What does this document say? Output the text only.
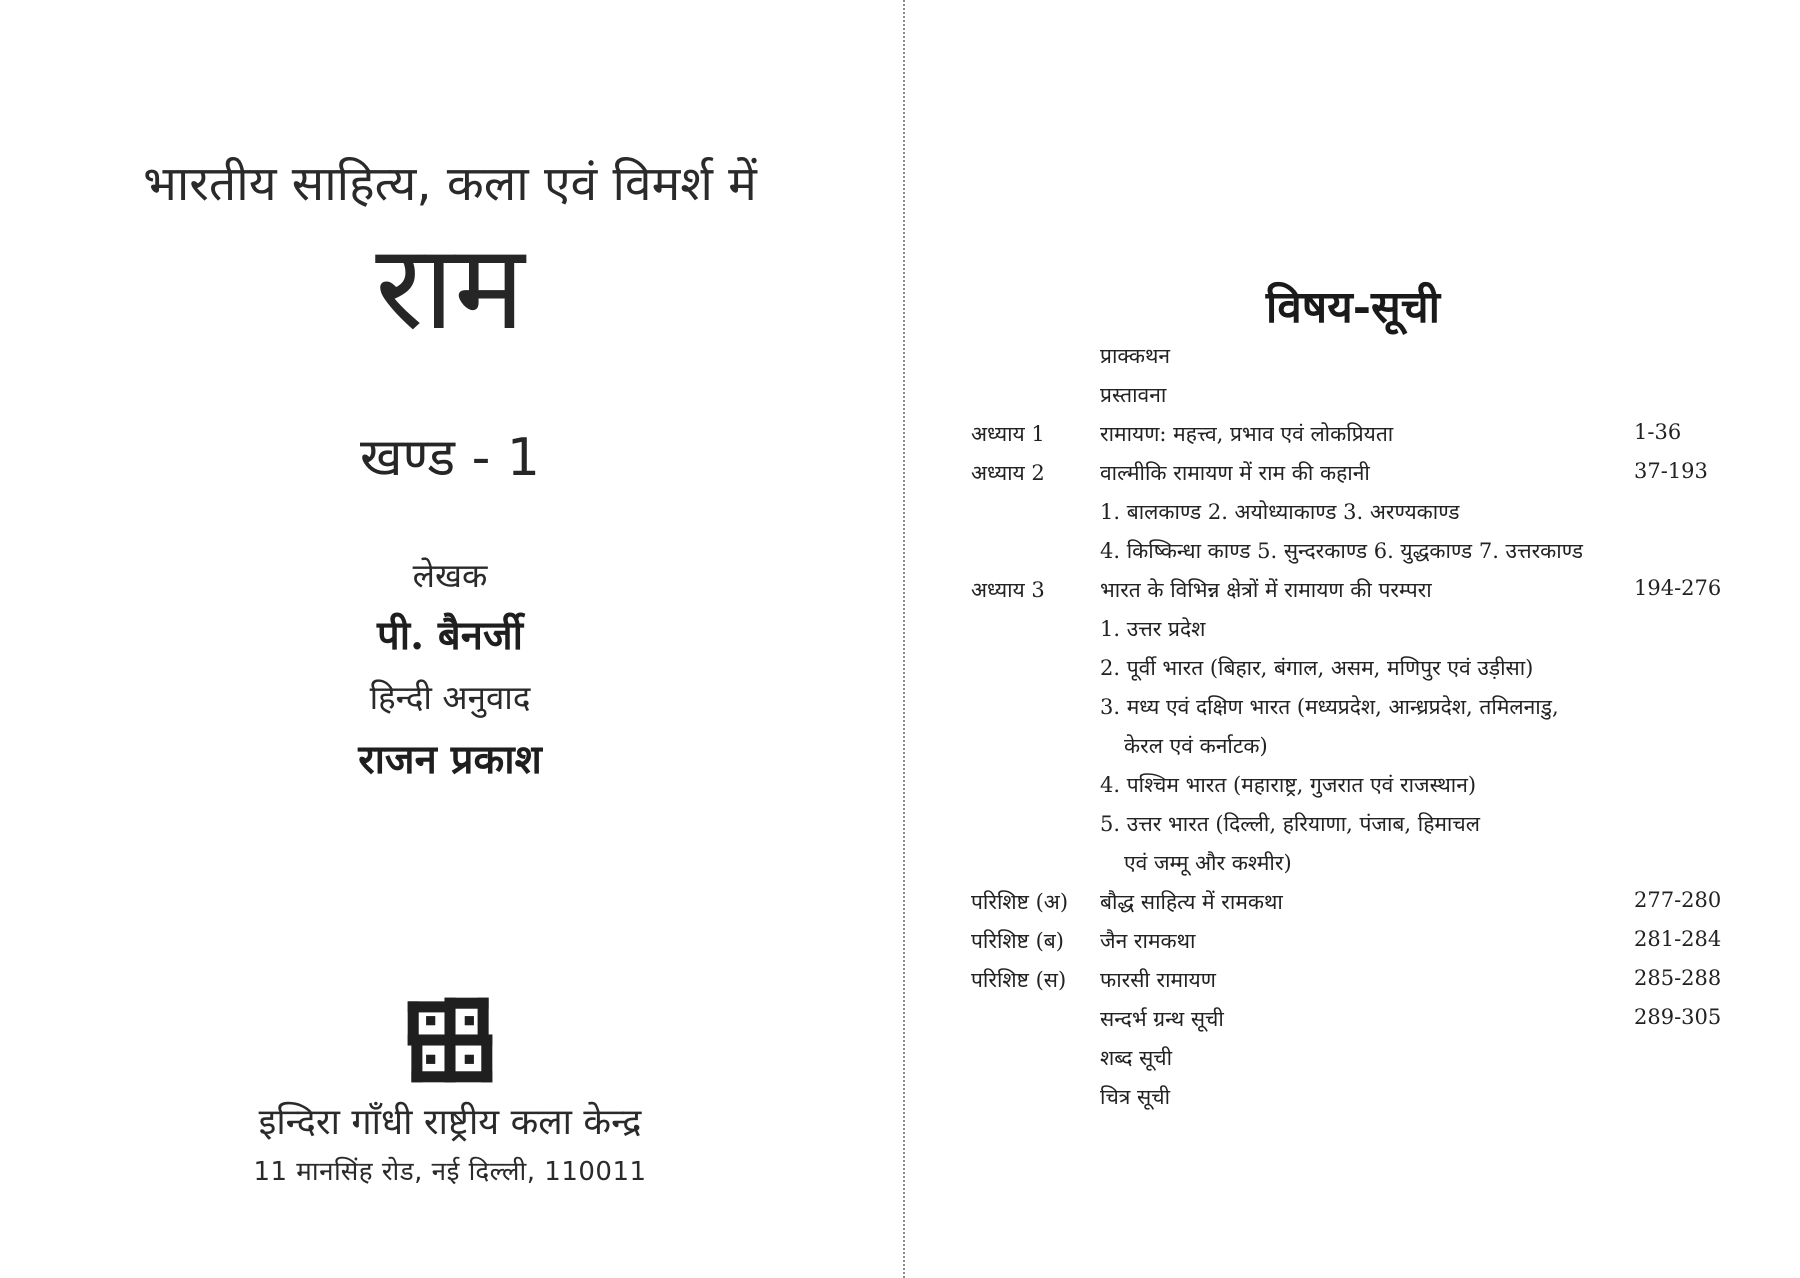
भारतीय साहित्य, कला एवं विमर्श में
राम
खण्ड - 1
लेखक
पी. बैनर्जी
हिन्दी अनुवाद
राजन प्रकाश
इन्दिरा गाँधी राष्ट्रीय कला केन्द्र
11 मानसिंह रोड, नई दिल्ली, 110011
विषय-सूची
प्राक्कथन
प्रस्तावना
अध्याय 1	रामायण: महत्त्व, प्रभाव एवं लोकप्रियता	1-36
अध्याय 2	वाल्मीकि रामायण में राम की कहानी	37-193
1. बालकाण्ड 2. अयोध्याकाण्ड 3. अरण्यकाण्ड
4. किष्किन्धा काण्ड 5. सुन्दरकाण्ड 6. युद्धकाण्ड 7. उत्तरकाण्ड
अध्याय 3	भारत के विभिन्न क्षेत्रों में रामायण की परम्परा	194-276
1. उत्तर प्रदेश
2. पूर्वी भारत (बिहार, बंगाल, असम, मणिपुर एवं उड़ीसा)
3. मध्य एवं दक्षिण भारत (मध्यप्रदेश, आन्ध्रप्रदेश, तमिलनाडु,
केरल एवं कर्नाटक)
4. पश्चिम भारत (महाराष्ट्र, गुजरात एवं राजस्थान)
5. उत्तर भारत (दिल्ली, हरियाणा, पंजाब, हिमाचल
एवं जम्मू और कश्मीर)
परिशिष्ट (अ) बौद्ध साहित्य में रामकथा	277-280
परिशिष्ट (ब) जैन रामकथा	281-284
परिशिष्ट (स) फारसी रामायण	285-288
सन्दर्भ ग्रन्थ सूची	289-305
शब्द सूची
चित्र सूची
